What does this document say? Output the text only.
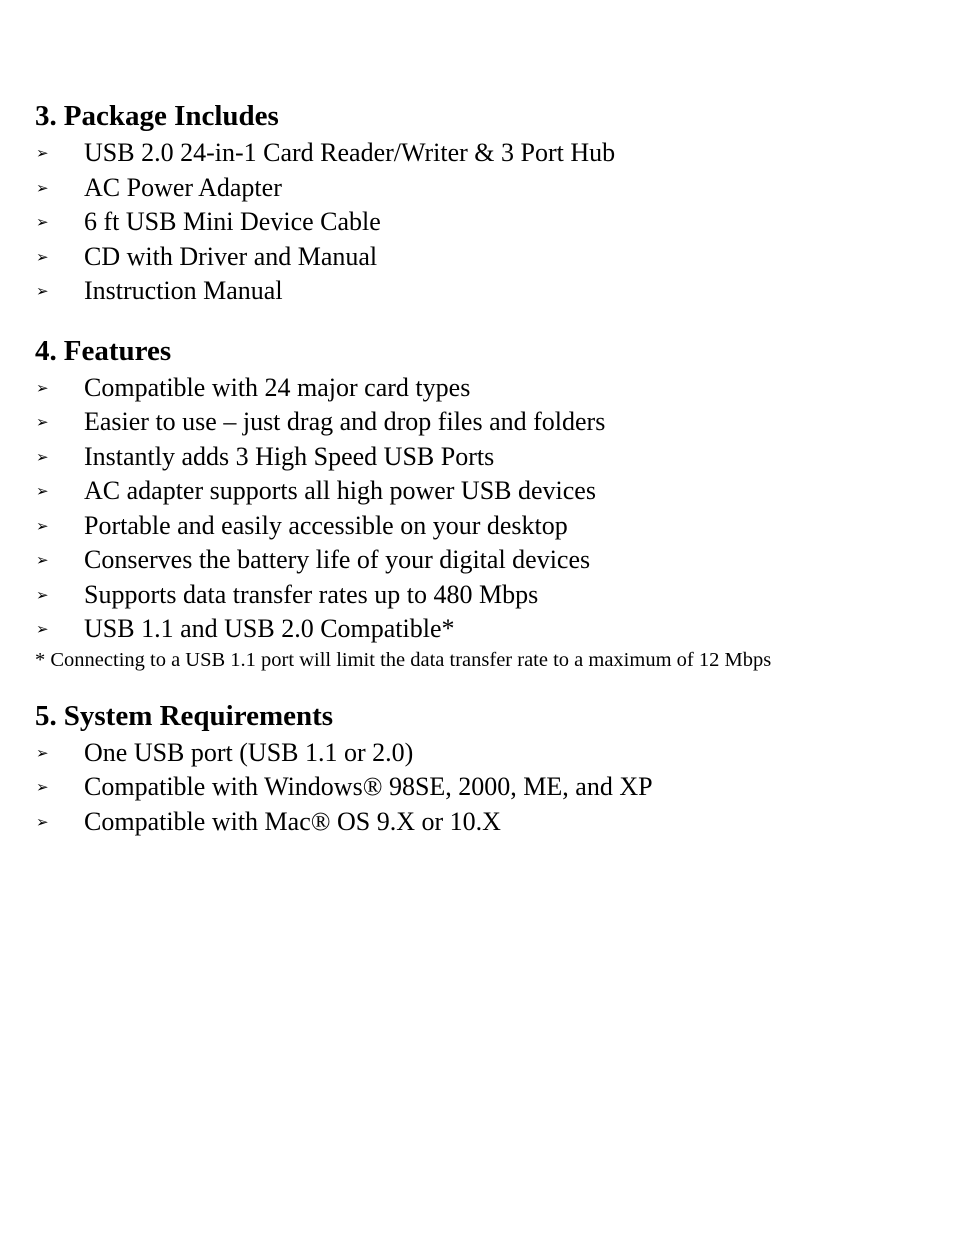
3. Package Includes
➢ USB 2.0 24-in-1 Card Reader/Writer & 3 Port Hub
➢ AC Power Adapter
➢ 6 ft USB Mini Device Cable
➢ CD with Driver and Manual
➢ Instruction Manual
4. Features
➢ Compatible with 24 major card types
➢ Easier to use – just drag and drop files and folders
➢ Instantly adds 3 High Speed USB Ports
➢ AC adapter supports all high power USB devices
➢ Portable and easily accessible on your desktop
➢ Conserves the battery life of your digital devices
➢ Supports data transfer rates up to 480 Mbps
➢ USB 1.1 and USB 2.0 Compatible*
* Connecting to a USB 1.1 port will limit the data transfer rate to a maximum of 12 Mbps
5. System Requirements
➢ One USB port (USB 1.1 or 2.0)
➢ Compatible with Windows® 98SE, 2000, ME, and XP
➢ Compatible with Mac® OS 9.X or 10.X
